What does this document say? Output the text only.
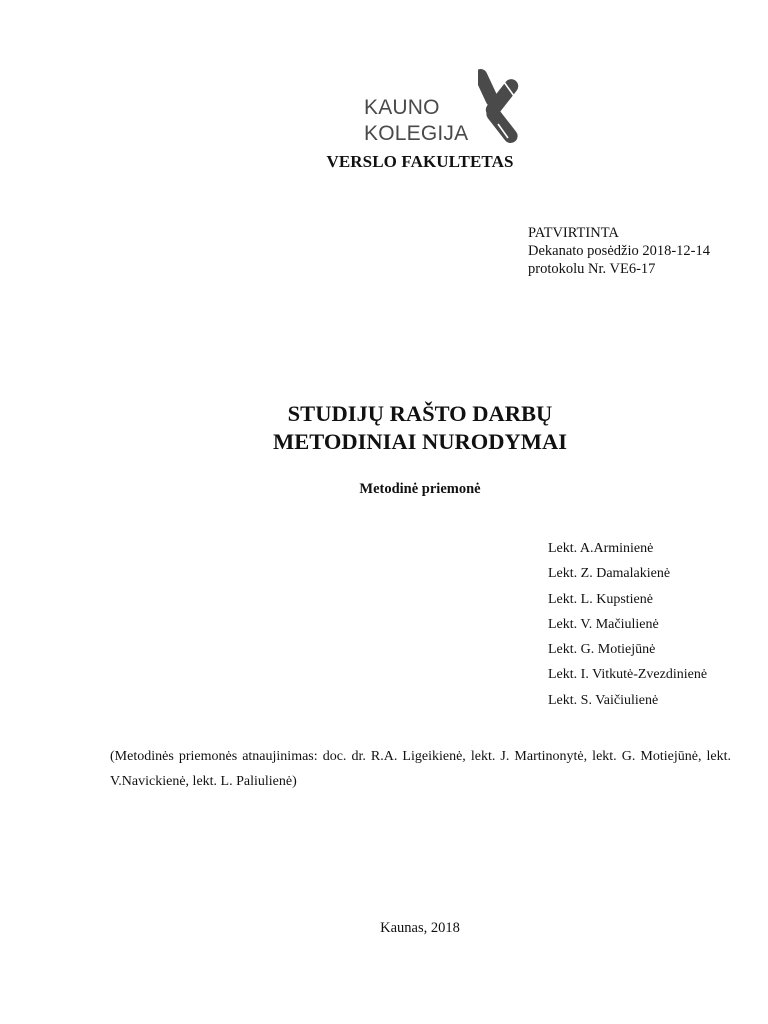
KAUNO
KOLEGIJA
VERSLO FAKULTETAS
PATVIRTINTA
Dekanato posėdžio 2018-12-14
protokolu Nr. VE6-17
STUDIJŲ RAŠTO DARBŲ
METODINIAI NURODYMAI
Metodinė priemonė
Lekt. A.Arminienė
Lekt. Z. Damalakienė
Lekt. L. Kupstienė
Lekt. V. Mačiulienė
Lekt. G. Motiejūnė
Lekt. I. Vitkutė-Zvezdinienė
Lekt. S. Vaičiulienė
(Metodinės priemonės atnaujinimas: doc. dr. R.A. Ligeikienė, lekt. J. Martinonytė, lekt. G. Motiejūnė, lekt. V.Navickienė, lekt. L. Paliulienė)
Kaunas, 2018
